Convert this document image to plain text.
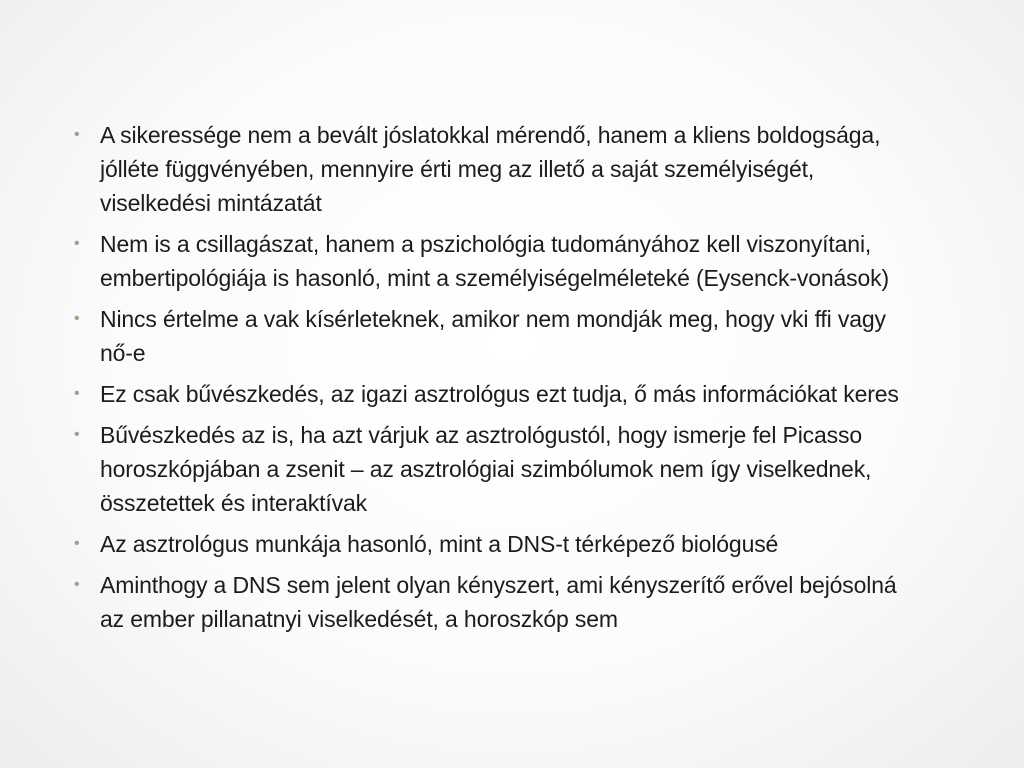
• A sikeressége nem a bevált jóslatokkal mérendő, hanem a kliens boldogsága, jólléte függvényében, mennyire érti meg az illető a saját személyiségét, viselkedési mintázatát
• Nem is a csillagászat, hanem a pszichológia tudományához kell viszonyítani, embertipológiája is hasonló, mint a személyiségelméleteké (Eysenck-vonások)
• Nincs értelme a vak kísérleteknek, amikor nem mondják meg, hogy vki ffi vagy nő-e
• Ez csak bűvészkedés, az igazi asztrológus ezt tudja, ő más információkat keres
• Bűvészkedés az is, ha azt várjuk az asztrológustól, hogy ismerje fel Picasso horoszkópjában a zsenit – az asztrológiai szimbólumok nem így viselkednek, összetettek és interaktívak
• Az asztrológus munkája hasonló, mint a DNS-t térképező biológusé
• Aminthogy a DNS sem jelent olyan kényszert, ami kényszerítő erővel bejósolná az ember pillanatnyi viselkedését, a horoszkóp sem
